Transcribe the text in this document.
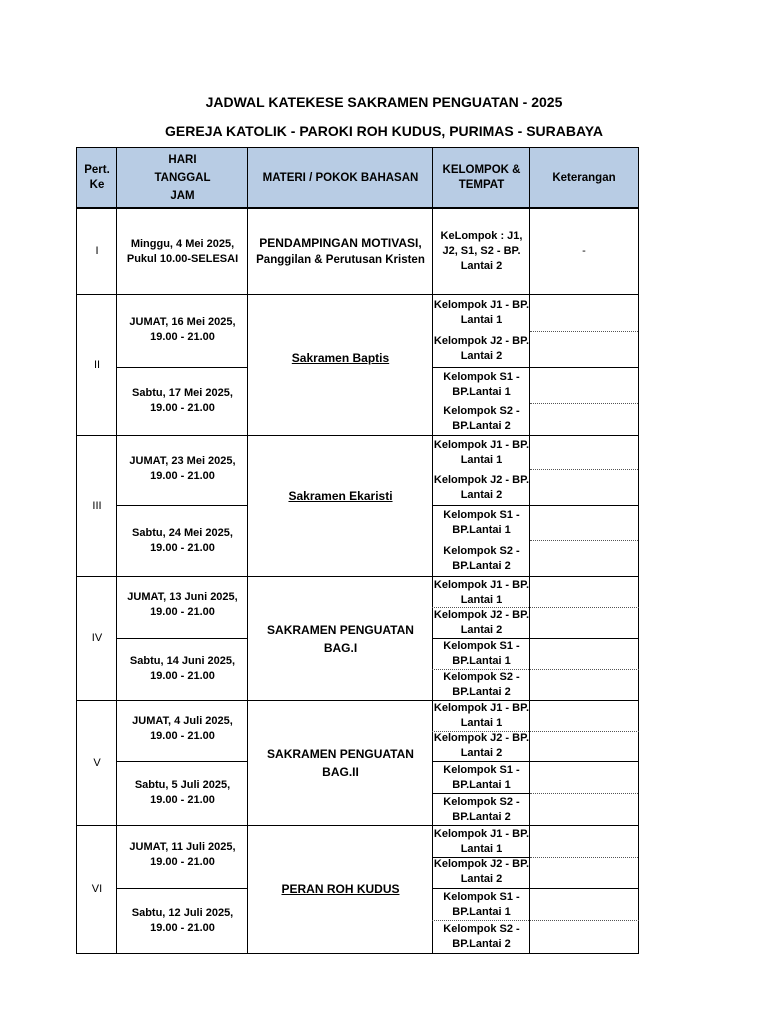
JADWAL KATEKESE SAKRAMEN PENGUATAN - 2025
GEREJA KATOLIK - PAROKI ROH KUDUS, PURIMAS - SURABAYA
Pert.
Ke
HARI
TANGGAL
JAM
MATERI / POKOK BAHASAN
KELOMPOK &
TEMPAT
Keterangan
I
Minggu, 4 Mei 2025,
Pukul 10.00-SELESAI
PENDAMPINGAN MOTIVASI,
Panggilan & Perutusan Kristen
KeLompok : J1,
J2, S1, S2 - BP.
Lantai 2
-
II
JUMAT, 16 Mei 2025,
19.00 - 21.00
Sabtu, 17 Mei 2025,
19.00 - 21.00
Sakramen Baptis
Kelompok J1 - BP.
Lantai 1
Kelompok J2 - BP.
Lantai 2
Kelompok S1 -
BP.Lantai 1
Kelompok S2 -
BP.Lantai 2
III
JUMAT, 23 Mei 2025,
19.00 - 21.00
Sabtu, 24 Mei 2025,
19.00 - 21.00
Sakramen Ekaristi
Kelompok J1 - BP.
Lantai 1
Kelompok J2 - BP.
Lantai 2
Kelompok S1 -
BP.Lantai 1
Kelompok S2 -
BP.Lantai 2
IV
JUMAT, 13 Juni 2025,
19.00 - 21.00
Sabtu, 14 Juni 2025,
19.00 - 21.00
SAKRAMEN PENGUATAN
BAG.I
Kelompok J1 - BP.
Lantai 1
Kelompok J2 - BP.
Lantai 2
Kelompok S1 -
BP.Lantai 1
Kelompok S2 -
BP.Lantai 2
V
JUMAT, 4 Juli 2025,
19.00 - 21.00
Sabtu, 5 Juli 2025,
19.00 - 21.00
SAKRAMEN PENGUATAN
BAG.II
Kelompok J1 - BP.
Lantai 1
Kelompok J2 - BP.
Lantai 2
Kelompok S1 -
BP.Lantai 1
Kelompok S2 -
BP.Lantai 2
VI
JUMAT, 11 Juli 2025,
19.00 - 21.00
Sabtu, 12 Juli 2025,
19.00 - 21.00
PERAN ROH KUDUS
Kelompok J1 - BP.
Lantai 1
Kelompok J2 - BP.
Lantai 2
Kelompok S1 -
BP.Lantai 1
Kelompok S2 -
BP.Lantai 2
